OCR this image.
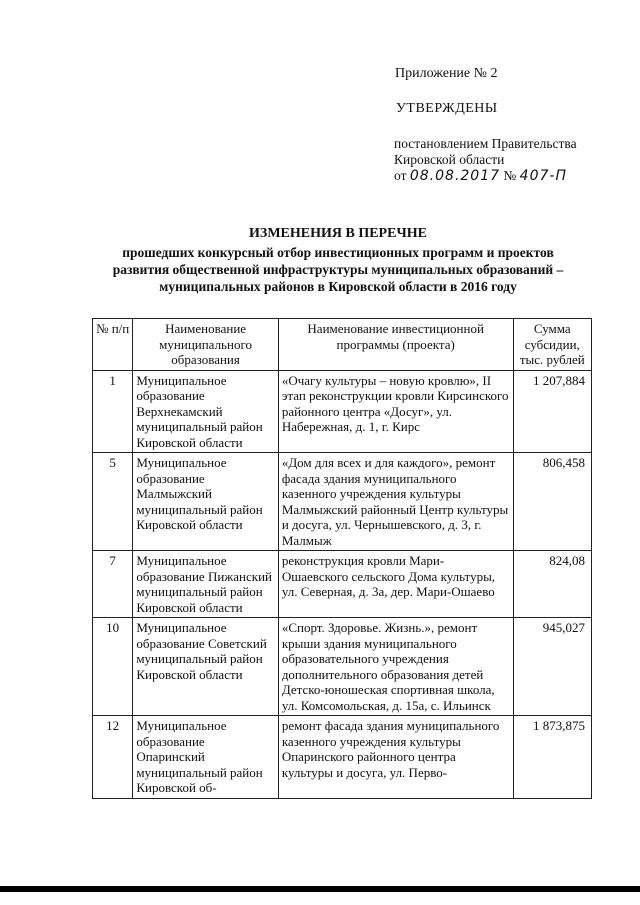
Приложение № 2
УТВЕРЖДЕНЫ
постановлением Правительства
Кировской области
от 08.08.2017 № 407-П
ИЗМЕНЕНИЯ В ПЕРЕЧНЕ
прошедших конкурсный отбор инвестиционных программ и проектов
развития общественной инфраструктуры муниципальных образований –
муниципальных районов в Кировской области в 2016 году
№ п/п	Наименование муниципального образования	Наименование инвестиционной программы (проекта)	Сумма субсидии, тыс. рублей
1	Муниципальное образование Верхнекамский муниципальный район Кировской области	«Очагу культуры – новую кровлю», II этап реконструкции кровли Кирсинского районного центра «Досуг», ул. Набережная, д. 1, г. Кирс	1 207,884
5	Муниципальное образование Малмыжский муниципальный район Кировской области	«Дом для всех и для каждого», ремонт фасада здания муниципального казенного учреждения культуры Малмыжский районный Центр культуры и досуга, ул. Чернышевского, д. 3, г. Малмыж	806,458
7	Муниципальное образование Пижанский муниципальный район Кировской области	реконструкция кровли Мари-Ошаевского сельского Дома культуры, ул. Северная, д. 3а, дер. Мари-Ошаево	824,08
10	Муниципальное образование Советский муниципальный район Кировской области	«Спорт. Здоровье. Жизнь.», ремонт крыши здания муниципального образовательного учреждения дополнительного образования детей Детско-юношеская спортивная школа, ул. Комсомольская, д. 15а, с. Ильинск	945,027
12	Муниципальное образование Опаринский муниципальный район Кировской об-	ремонт фасада здания муниципального казенного учреждения культуры Опаринского районного центра культуры и досуга, ул. Перво-	1 873,875
